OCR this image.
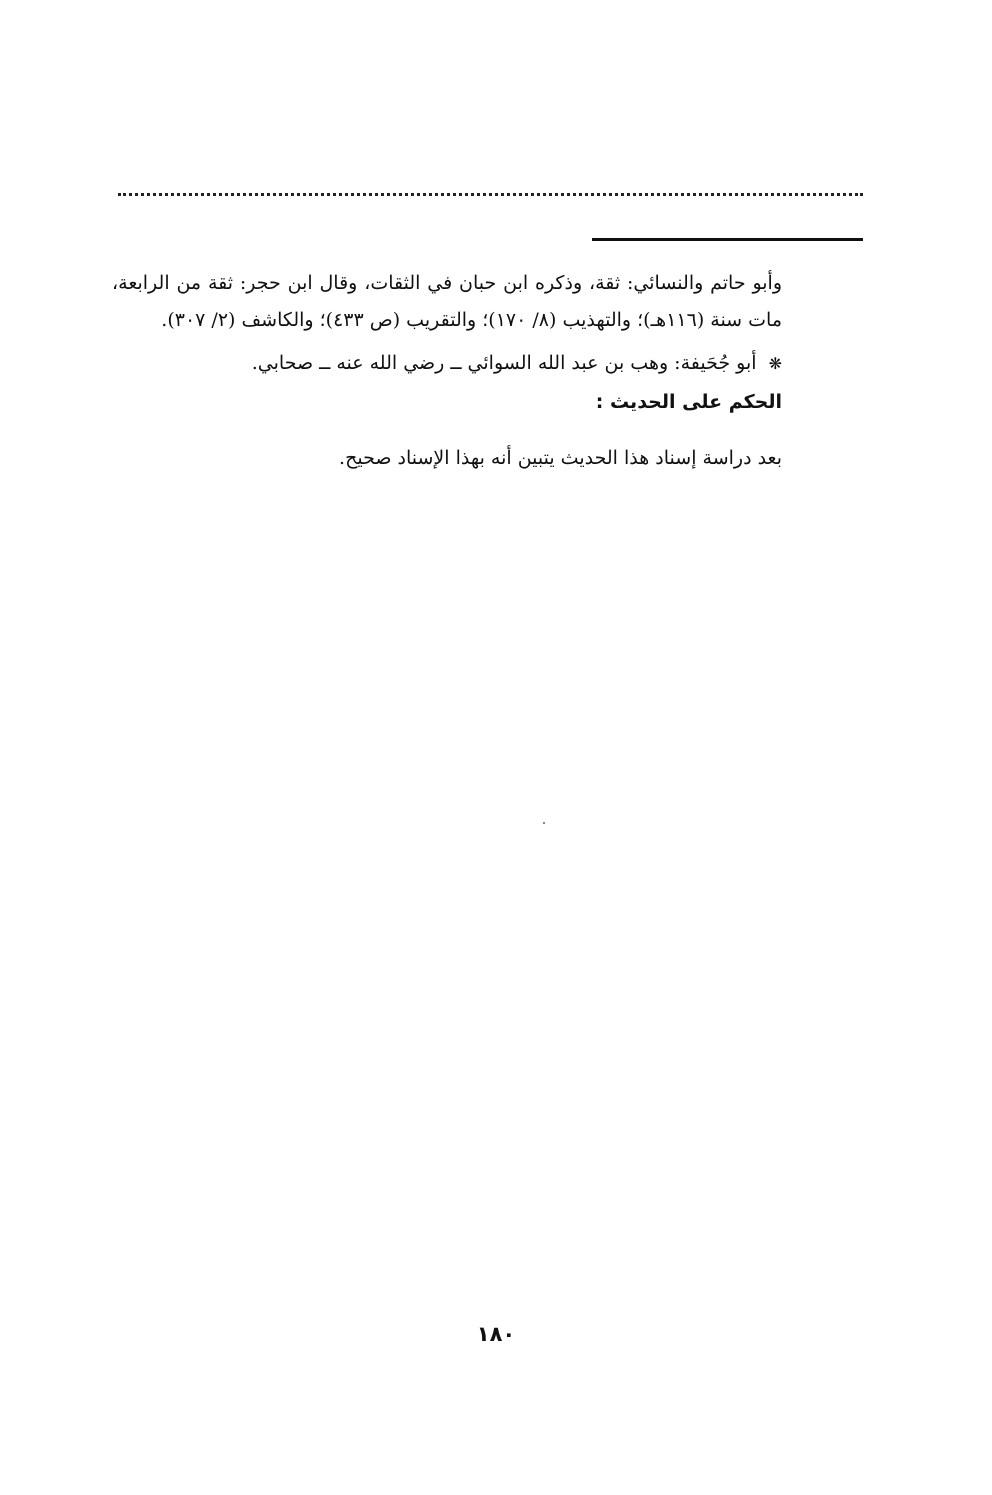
وأبو حاتم والنسائي: ثقة، وذكره ابن حبان في الثقات، وقال ابن حجر: ثقة من الرابعة، مات سنة (١١٦هـ)؛ والتهذيب (٨/ ١٧٠)؛ والتقريب (ص ٤٣٣)؛ والكاشف (٢/ ٣٠٧).

❋ أبو جُحَيفة: وهب بن عبد الله السوائي ــ رضي الله عنه ــ صحابي.

الحكم على الحديث :

بعد دراسة إسناد هذا الحديث يتبين أنه بهذا الإسناد صحيح.

١٨٠
